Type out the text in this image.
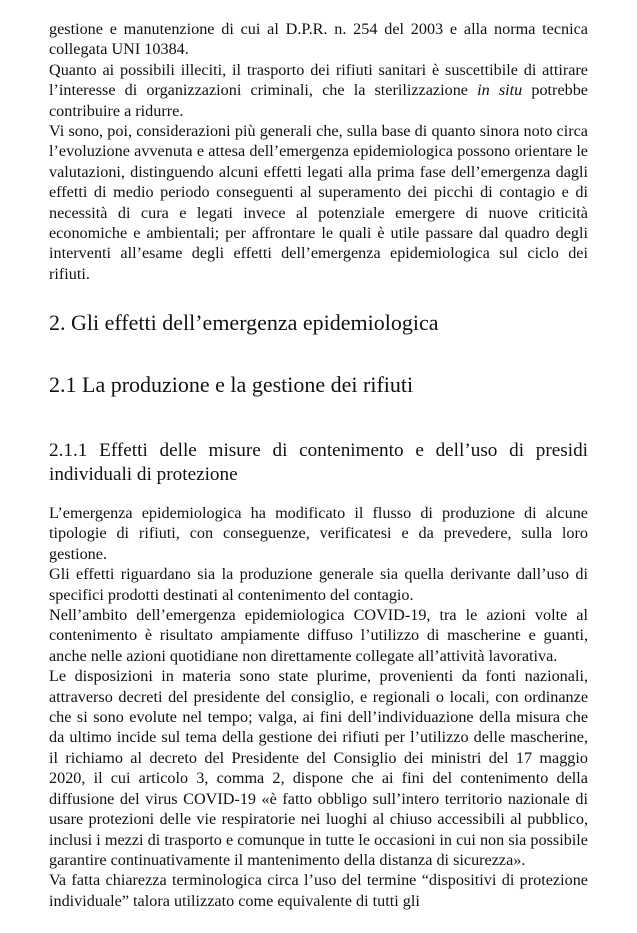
gestione e manutenzione di cui al D.P.R. n. 254 del 2003 e alla norma tecnica collegata UNI 10384.

Quanto ai possibili illeciti, il trasporto dei rifiuti sanitari è suscettibile di attirare l’interesse di organizzazioni criminali, che la sterilizzazione in situ potrebbe contribuire a ridurre.

Vi sono, poi, considerazioni più generali che, sulla base di quanto sinora noto circa l’evoluzione avvenuta e attesa dell’emergenza epidemiologica possono orientare le valutazioni, distinguendo alcuni effetti legati alla prima fase dell’emergenza dagli effetti di medio periodo conseguenti al superamento dei picchi di contagio e di necessità di cura e legati invece al potenziale emergere di nuove criticità economiche e ambientali; per affrontare le quali è utile passare dal quadro degli interventi all’esame degli effetti dell’emergenza epidemiologica sul ciclo dei rifiuti.

2. Gli effetti dell’emergenza epidemiologica
2.1 La produzione e la gestione dei rifiuti
2.1.1 Effetti delle misure di contenimento e dell’uso di presidi individuali di protezione

L’emergenza epidemiologica ha modificato il flusso di produzione di alcune tipologie di rifiuti, con conseguenze, verificatesi e da prevedere, sulla loro gestione.

Gli effetti riguardano sia la produzione generale sia quella derivante dall’uso di specifici prodotti destinati al contenimento del contagio.

Nell’ambito dell’emergenza epidemiologica COVID-19, tra le azioni volte al contenimento è risultato ampiamente diffuso l’utilizzo di mascherine e guanti, anche nelle azioni quotidiane non direttamente collegate all’attività lavorativa.

Le disposizioni in materia sono state plurime, provenienti da fonti nazionali, attraverso decreti del presidente del consiglio, e regionali o locali, con ordinanze che si sono evolute nel tempo; valga, ai fini dell’individuazione della misura che da ultimo incide sul tema della gestione dei rifiuti per l’utilizzo delle mascherine, il richiamo al decreto del Presidente del Consiglio dei ministri del 17 maggio 2020, il cui articolo 3, comma 2, dispone che ai fini del contenimento della diffusione del virus COVID-19 «è fatto obbligo sull’intero territorio nazionale di usare protezioni delle vie respiratorie nei luoghi al chiuso accessibili al pubblico, inclusi i mezzi di trasporto e comunque in tutte le occasioni in cui non sia possibile garantire continuativamente il mantenimento della distanza di sicurezza».

Va fatta chiarezza terminologica circa l’uso del termine “dispositivi di protezione individuale” talora utilizzato come equivalente di tutti gli
